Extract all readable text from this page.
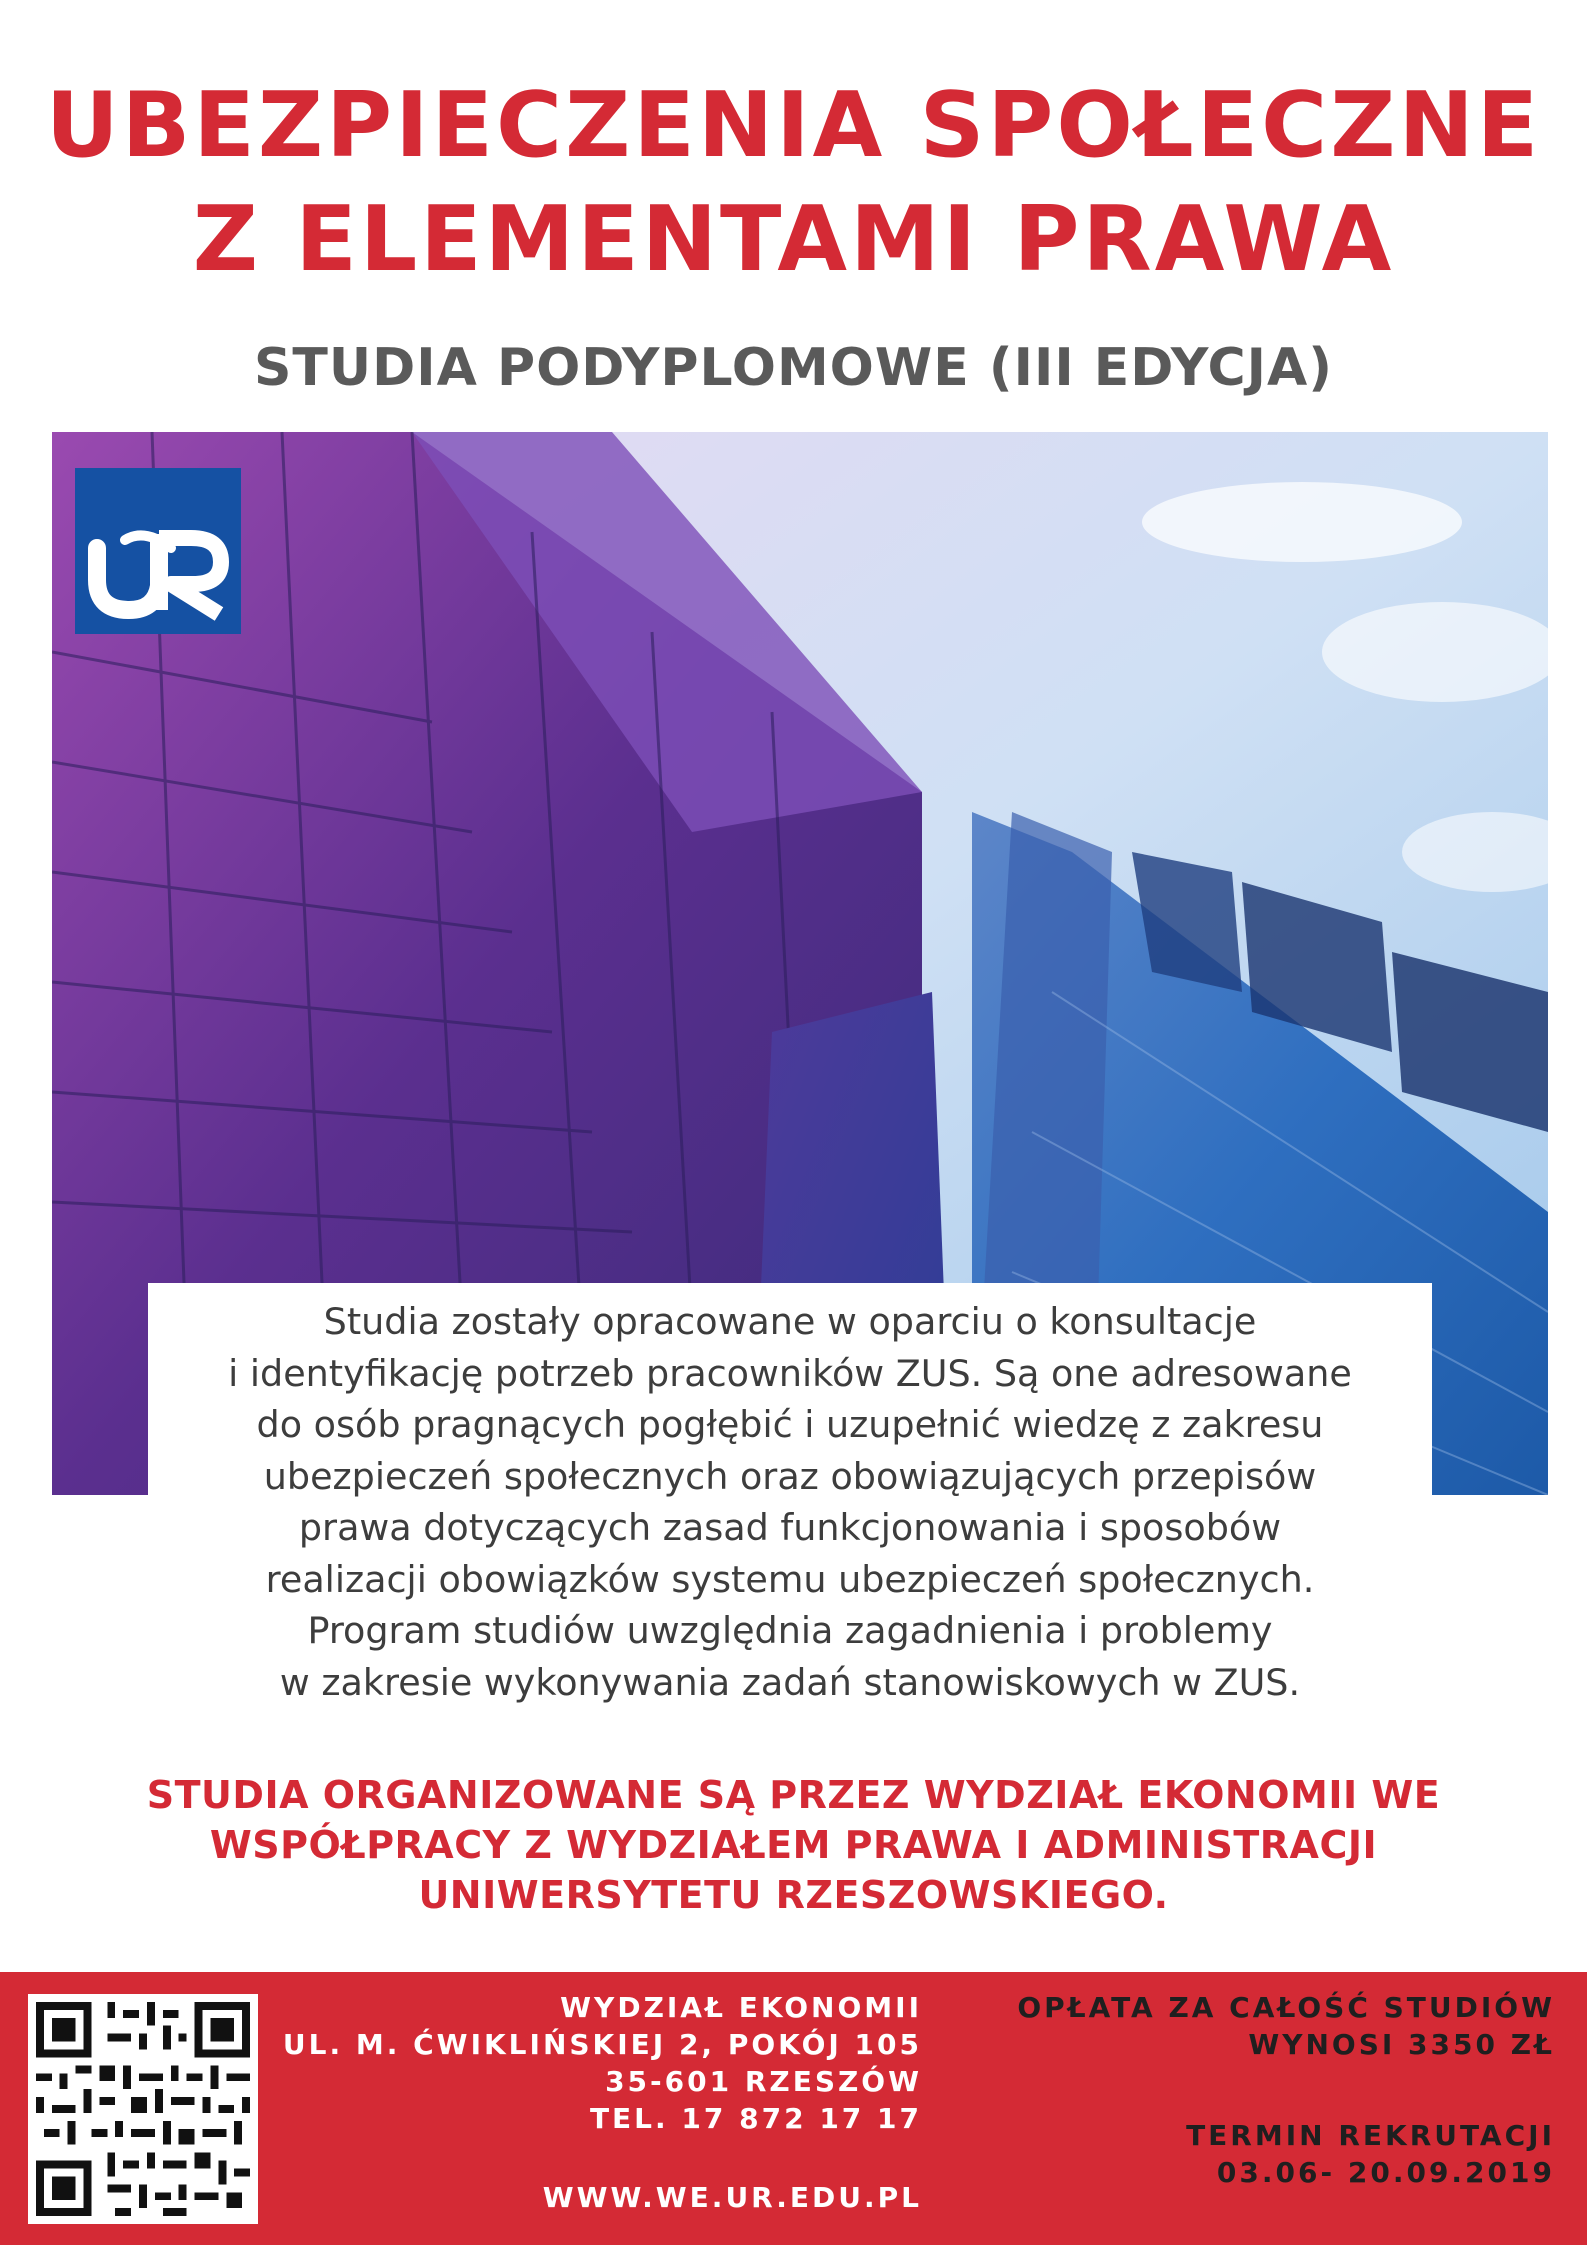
UBEZPIECZENIA SPOŁECZNE
Z ELEMENTAMI PRAWA
STUDIA PODYPLOMOWE (III EDYCJA)
Studia zostały opracowane w oparciu o konsultacje
i identyfikację potrzeb pracowników ZUS. Są one adresowane
do osób pragnących pogłębić i uzupełnić wiedzę z zakresu
ubezpieczeń społecznych oraz obowiązujących przepisów
prawa dotyczących zasad funkcjonowania i sposobów
realizacji obowiązków systemu ubezpieczeń społecznych.
Program studiów uwzględnia zagadnienia i problemy
w zakresie wykonywania zadań stanowiskowych w ZUS.
STUDIA ORGANIZOWANE SĄ PRZEZ WYDZIAŁ EKONOMII WE
WSPÓŁPRACY Z WYDZIAŁEM PRAWA I ADMINISTRACJI
UNIWERSYTETU RZESZOWSKIEGO.
WYDZIAŁ EKONOMII
UL. M. ĆWIKLIŃSKIEJ 2, POKÓJ 105
35-601 RZESZÓW
TEL. 17 872 17 17
WWW.WE.UR.EDU.PL
OPŁATA ZA CAŁOŚĆ STUDIÓW
WYNOSI 3350 ZŁ
TERMIN REKRUTACJI
03.06- 20.09.2019
